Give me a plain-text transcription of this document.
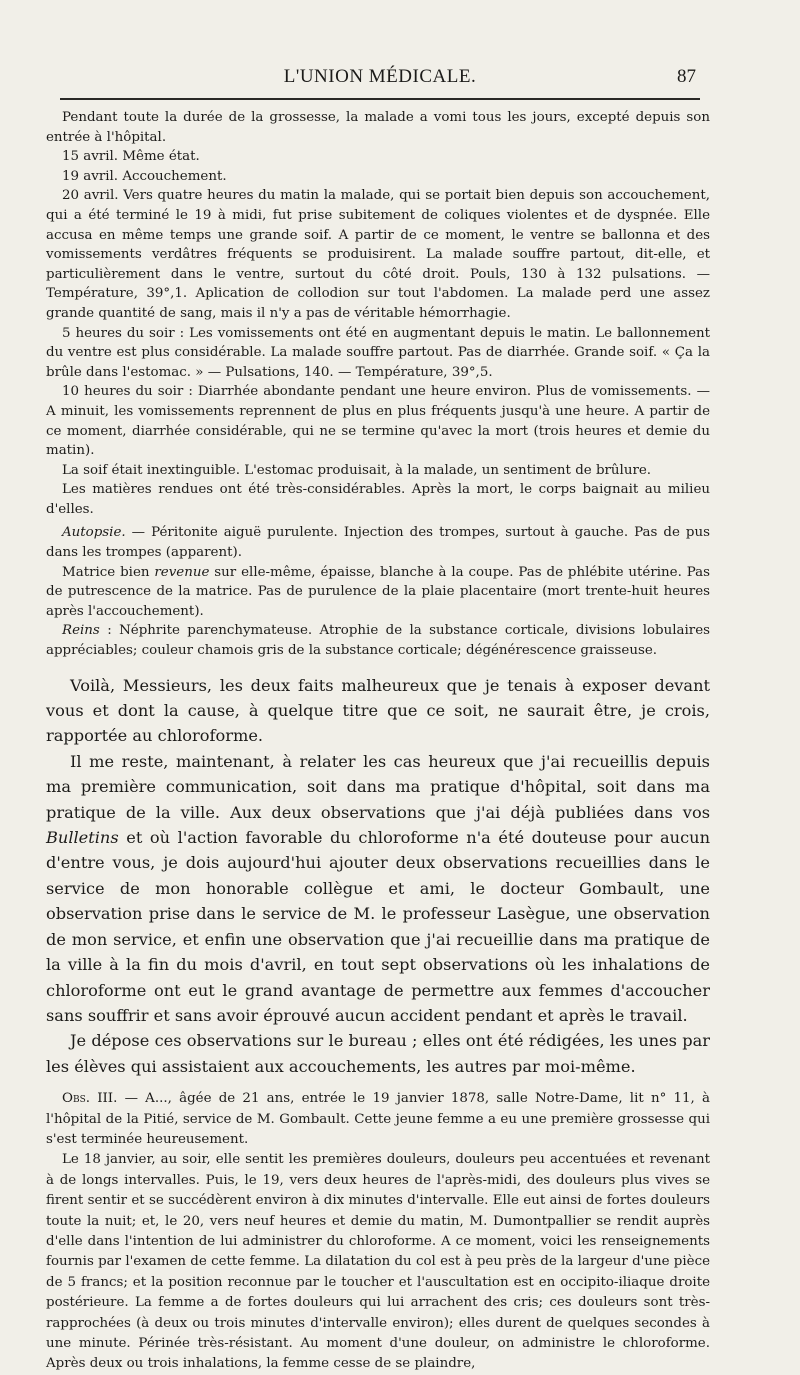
L'UNION MÉDICALE.	87

Pendant toute la durée de la grossesse, la malade a vomi tous les jours, excepté depuis son entrée à l'hôpital.

15 avril. Même état.

19 avril. Accouchement.

20 avril. Vers quatre heures du matin la malade, qui se portait bien depuis son accouchement, qui a été terminé le 19 à midi, fut prise subitement de coliques violentes et de dyspnée. Elle accusa en même temps une grande soif. A partir de ce moment, le ventre se ballonna et des vomissements verdâtres fréquents se produisirent. La malade souffre partout, dit-elle, et particulièrement dans le ventre, surtout du côté droit. Pouls, 130 à 132 pulsations. — Température, 39°,1. Aplication de collodion sur tout l'abdomen. La malade perd une assez grande quantité de sang, mais il n'y a pas de véritable hémorrhagie.

5 heures du soir : Les vomissements ont été en augmentant depuis le matin. Le ballonnement du ventre est plus considérable. La malade souffre partout. Pas de diarrhée. Grande soif. « Ça la brûle dans l'estomac. » — Pulsations, 140. — Température, 39°,5.

10 heures du soir : Diarrhée abondante pendant une heure environ. Plus de vomissements. — A minuit, les vomissements reprennent de plus en plus fréquents jusqu'à une heure. A partir de ce moment, diarrhée considérable, qui ne se termine qu'avec la mort (trois heures et demie du matin).

La soif était inextinguible. L'estomac produisait, à la malade, un sentiment de brûlure.

Les matières rendues ont été très-considérables. Après la mort, le corps baignait au milieu d'elles.

Autopsie. — Péritonite aiguë purulente. Injection des trompes, surtout à gauche. Pas de pus dans les trompes (apparent).

Matrice bien revenue sur elle-même, épaisse, blanche à la coupe. Pas de phlébite utérine. Pas de putrescence de la matrice. Pas de purulence de la plaie placentaire (mort trente-huit heures après l'accouchement).

Reins : Néphrite parenchymateuse. Atrophie de la substance corticale, divisions lobulaires appréciables; couleur chamois gris de la substance corticale; dégénérescence graisseuse.

Voilà, Messieurs, les deux faits malheureux que je tenais à exposer devant vous et dont la cause, à quelque titre que ce soit, ne saurait être, je crois, rapportée au chloroforme.

Il me reste, maintenant, à relater les cas heureux que j'ai recueillis depuis ma première communication, soit dans ma pratique d'hôpital, soit dans ma pratique de la ville. Aux deux observations que j'ai déjà publiées dans vos Bulletins et où l'action favorable du chloroforme n'a été douteuse pour aucun d'entre vous, je dois aujourd'hui ajouter deux observations recueillies dans le service de mon honorable collègue et ami, le docteur Gombault, une observation prise dans le service de M. le professeur Lasègue, une observation de mon service, et enfin une observation que j'ai recueillie dans ma pratique de la ville à la fin du mois d'avril, en tout sept observations où les inhalations de chloroforme ont eut le grand avantage de permettre aux femmes d'accoucher sans souffrir et sans avoir éprouvé aucun accident pendant et après le travail.

Je dépose ces observations sur le bureau ; elles ont été rédigées, les unes par les élèves qui assistaient aux accouchements, les autres par moi-même.

Obs. III. — A..., âgée de 21 ans, entrée le 19 janvier 1878, salle Notre-Dame, lit n° 11, à l'hôpital de la Pitié, service de M. Gombault. Cette jeune femme a eu une première grossesse qui s'est terminée heureusement.

Le 18 janvier, au soir, elle sentit les premières douleurs, douleurs peu accentuées et revenant à de longs intervalles. Puis, le 19, vers deux heures de l'après-midi, des douleurs plus vives se firent sentir et se succédèrent environ à dix minutes d'intervalle. Elle eut ainsi de fortes douleurs toute la nuit; et, le 20, vers neuf heures et demie du matin, M. Dumontpallier se rendit auprès d'elle dans l'intention de lui administrer du chloroforme. A ce moment, voici les renseignements fournis par l'examen de cette femme. La dilatation du col est à peu près de la largeur d'une pièce de 5 francs; et la position reconnue par le toucher et l'auscultation est en occipito-iliaque droite postérieure. La femme a de fortes douleurs qui lui arrachent des cris; ces douleurs sont très-rapprochées (à deux ou trois minutes d'intervalle environ); elles durent de quelques secondes à une minute. Périnée très-résistant. Au moment d'une douleur, on administre le chloroforme. Après deux ou trois inhalations, la femme cesse de se plaindre,
